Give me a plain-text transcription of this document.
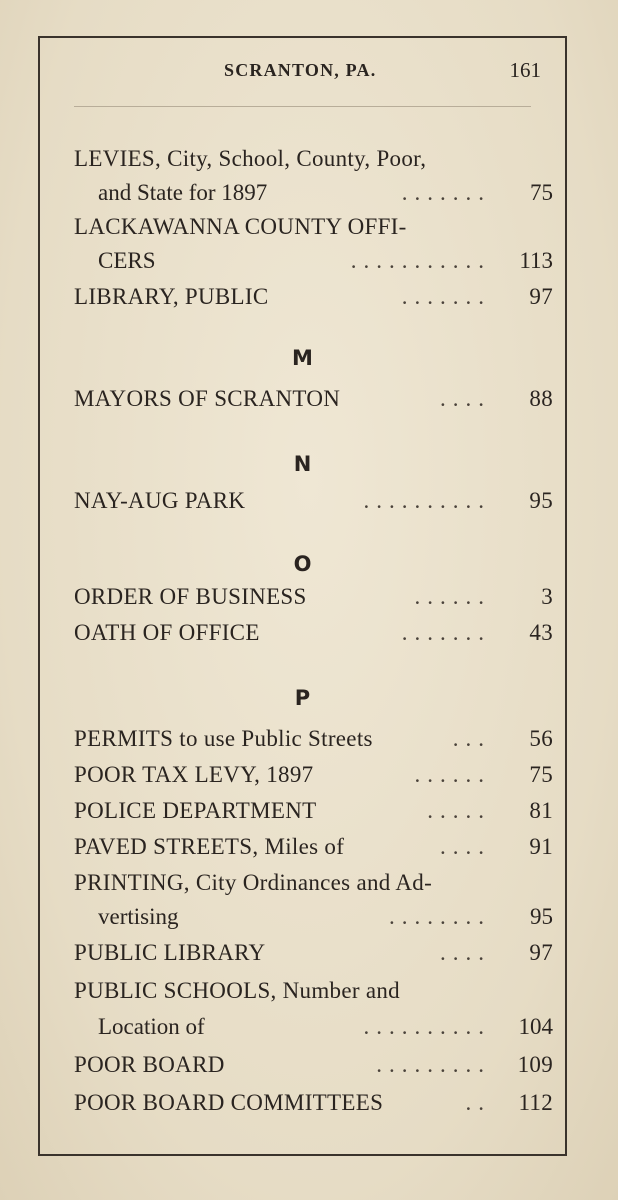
SCRANTON, PA.	161
LEVIES, City, School, County, Poor,
and State for 1897	.......	75
LACKAWANNA COUNTY OFFI-
CERS	...........	113
LIBRARY, PUBLIC	.......	97
M
MAYORS OF SCRANTON	....	88
N
NAY-AUG PARK	..........	95
O
ORDER OF BUSINESS	......	3
OATH OF OFFICE	.......	43
P
PERMITS to use Public Streets	...	56
POOR TAX LEVY, 1897	......	75
POLICE DEPARTMENT	.....	81
PAVED STREETS, Miles of	....	91
PRINTING, City Ordinances and Ad-
vertising	........	95
PUBLIC LIBRARY	....	97
PUBLIC SCHOOLS, Number and
Location of	..........	104
POOR BOARD	.........	109
POOR BOARD COMMITTEES	..	112
